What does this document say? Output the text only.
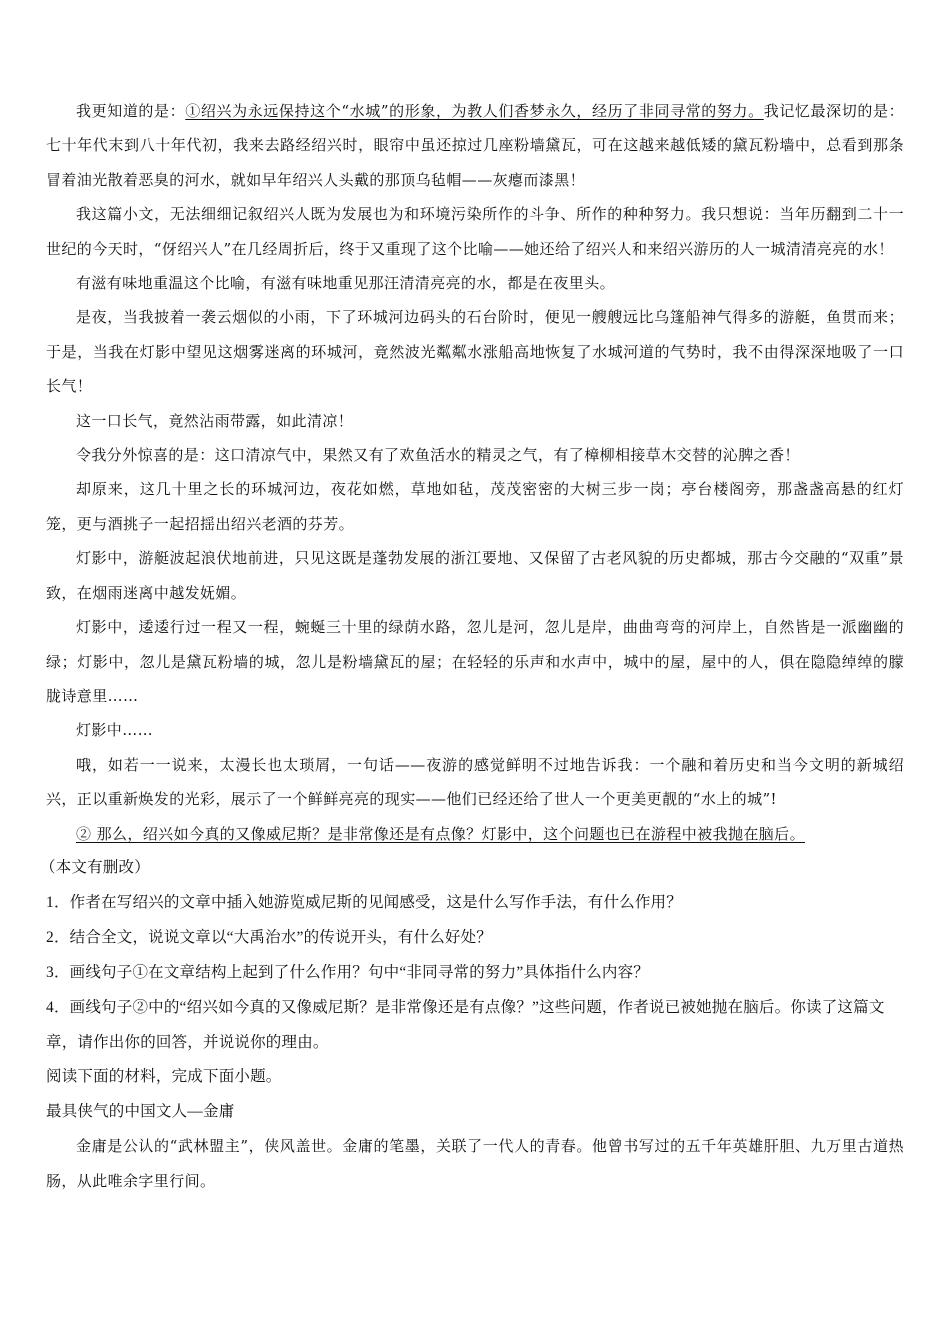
我更知道的是：①绍兴为永远保持这个“水城”的形象，为教人们香梦永久，经历了非同寻常的努力。我记忆最深切的是：七十年代末到八十年代初，我来去路经绍兴时，眼帘中虽还掠过几座粉墙黛瓦，可在这越来越低矮的黛瓦粉墙中，总看到那条冒着油光散着恶臭的河水，就如早年绍兴人头戴的那顶乌毡帽——灰瘪而漆黑！

我这篇小文，无法细细记叙绍兴人既为发展也为和环境污染所作的斗争、所作的种种努力。我只想说：当年历翻到二十一世纪的今天时，“伢绍兴人”在几经周折后，终于又重现了这个比喻——她还给了绍兴人和来绍兴游历的人一城清清亮亮的水！

有滋有味地重温这个比喻，有滋有味地重见那汪清清亮亮的水，都是在夜里头。

是夜，当我披着一袭云烟似的小雨，下了环城河边码头的石台阶时，便见一艘艘远比乌篷船神气得多的游艇，鱼贯而来；于是，当我在灯影中望见这烟雾迷离的环城河，竟然波光粼粼水涨船高地恢复了水城河道的气势时，我不由得深深地吸了一口长气！

这一口长气，竟然沾雨带露，如此清凉！

令我分外惊喜的是：这口清凉气中，果然又有了欢鱼活水的精灵之气，有了樟柳相接草木交替的沁脾之香！

却原来，这几十里之长的环城河边，夜花如燃，草地如毡，茂茂密密的大树三步一岗；亭台楼阁旁，那盏盏高悬的红灯笼，更与酒挑子一起招揺出绍兴老酒的芬芳。

灯影中，游艇波起浪伏地前进，只见这既是蓬勃发展的浙江要地、又保留了古老风貌的历史都城，那古今交融的“双重”景致，在烟雨迷离中越发妩媚。

灯影中，逶逶行过一程又一程，蜿蜒三十里的绿荫水路，忽儿是河，忽儿是岸，曲曲弯弯的河岸上，自然皆是一派幽幽的绿；灯影中，忽儿是黛瓦粉墙的城，忽儿是粉墙黛瓦的屋；在轻轻的乐声和水声中，城中的屋，屋中的人，俱在隐隐绰绰的朦胧诗意里……

灯影中……

哦，如若一一说来，太漫长也太琐屑，一句话——夜游的感觉鲜明不过地告诉我：一个融和着历史和当今文明的新城绍兴，正以重新焕发的光彩，展示了一个鲜鲜亮亮的现实——他们已经还给了世人一个更美更靓的“水上的城”!

② 那么，绍兴如今真的又像威尼斯？是非常像还是有点像？灯影中，这个问题也已在游程中被我抛在脑后。

（本文有删改）

1．作者在写绍兴的文章中插入她游览威尼斯的见闻感受，这是什么写作手法，有什么作用？

2．结合全文，说说文章以“大禹治水”的传说开头，有什么好处？

3．画线句子①在文章结构上起到了什么作用？句中“非同寻常的努力”具体指什么内容？

4．画线句子②中的“绍兴如今真的又像威尼斯？是非常像还是有点像？”这些问题，作者说已被她抛在脑后。你读了这篇文章，请作出你的回答，并说说你的理由。

阅读下面的材料，完成下面小题。

最具侠气的中国文人—金庸

金庸是公认的“武林盟主”，侠风盖世。金庸的笔墨，关联了一代人的青春。他曾书写过的五千年英雄肝胆、九万里古道热肠，从此唯余字里行间。
